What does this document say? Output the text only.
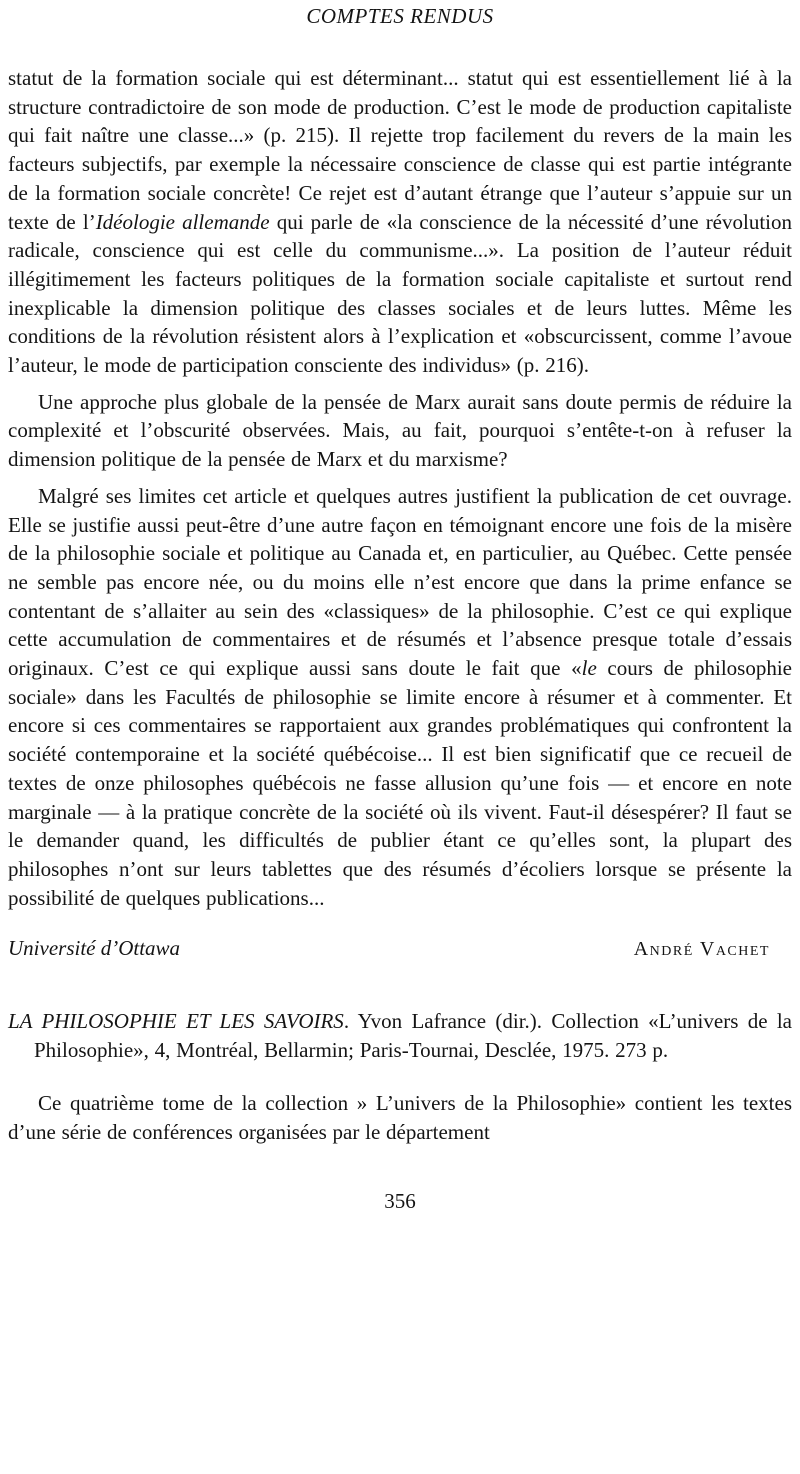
COMPTES RENDUS

statut de la formation sociale qui est déterminant... statut qui est essentiellement lié à la structure contradictoire de son mode de production. C’est le mode de production capitaliste qui fait naître une classe...» (p. 215). Il rejette trop facilement du revers de la main les facteurs subjectifs, par exemple la nécessaire conscience de classe qui est partie intégrante de la formation sociale concrète! Ce rejet est d’autant étrange que l’auteur s’appuie sur un texte de l’Idéologie allemande qui parle de «la conscience de la nécessité d’une révolution radicale, conscience qui est celle du communisme...». La position de l’auteur réduit illégitimement les facteurs politiques de la formation sociale capitaliste et surtout rend inexplicable la dimension politique des classes sociales et de leurs luttes. Même les conditions de la révolution résistent alors à l’explication et «obscurcissent, comme l’avoue l’auteur, le mode de participation consciente des individus» (p. 216).

Une approche plus globale de la pensée de Marx aurait sans doute permis de réduire la complexité et l’obscurité observées. Mais, au fait, pourquoi s’entête-t-on à refuser la dimension politique de la pensée de Marx et du marxisme?

Malgré ses limites cet article et quelques autres justifient la publication de cet ouvrage. Elle se justifie aussi peut-être d’une autre façon en témoignant encore une fois de la misère de la philosophie sociale et politique au Canada et, en particulier, au Québec. Cette pensée ne semble pas encore née, ou du moins elle n’est encore que dans la prime enfance se contentant de s’allaiter au sein des «classiques» de la philosophie. C’est ce qui explique cette accumulation de commentaires et de résumés et l’absence presque totale d’essais originaux. C’est ce qui explique aussi sans doute le fait que «le cours de philosophie sociale» dans les Facultés de philosophie se limite encore à résumer et à commenter. Et encore si ces commentaires se rapportaient aux grandes problématiques qui confrontent la société contemporaine et la société québécoise... Il est bien significatif que ce recueil de textes de onze philosophes québécois ne fasse allusion qu’une fois — et encore en note marginale — à la pratique concrète de la société où ils vivent. Faut-il désespérer? Il faut se le demander quand, les difficultés de publier étant ce qu’elles sont, la plupart des philosophes n’ont sur leurs tablettes que des résumés d’écoliers lorsque se présente la possibilité de quelques publications...

Université d’Ottawa	André Vachet

LA PHILOSOPHIE ET LES SAVOIRS. Yvon Lafrance (dir.). Collection «L’univers de la Philosophie», 4, Montréal, Bellarmin; Paris-Tournai, Desclée, 1975. 273 p.

Ce quatrième tome de la collection » L’univers de la Philosophie» contient les textes d’une série de conférences organisées par le département

356
